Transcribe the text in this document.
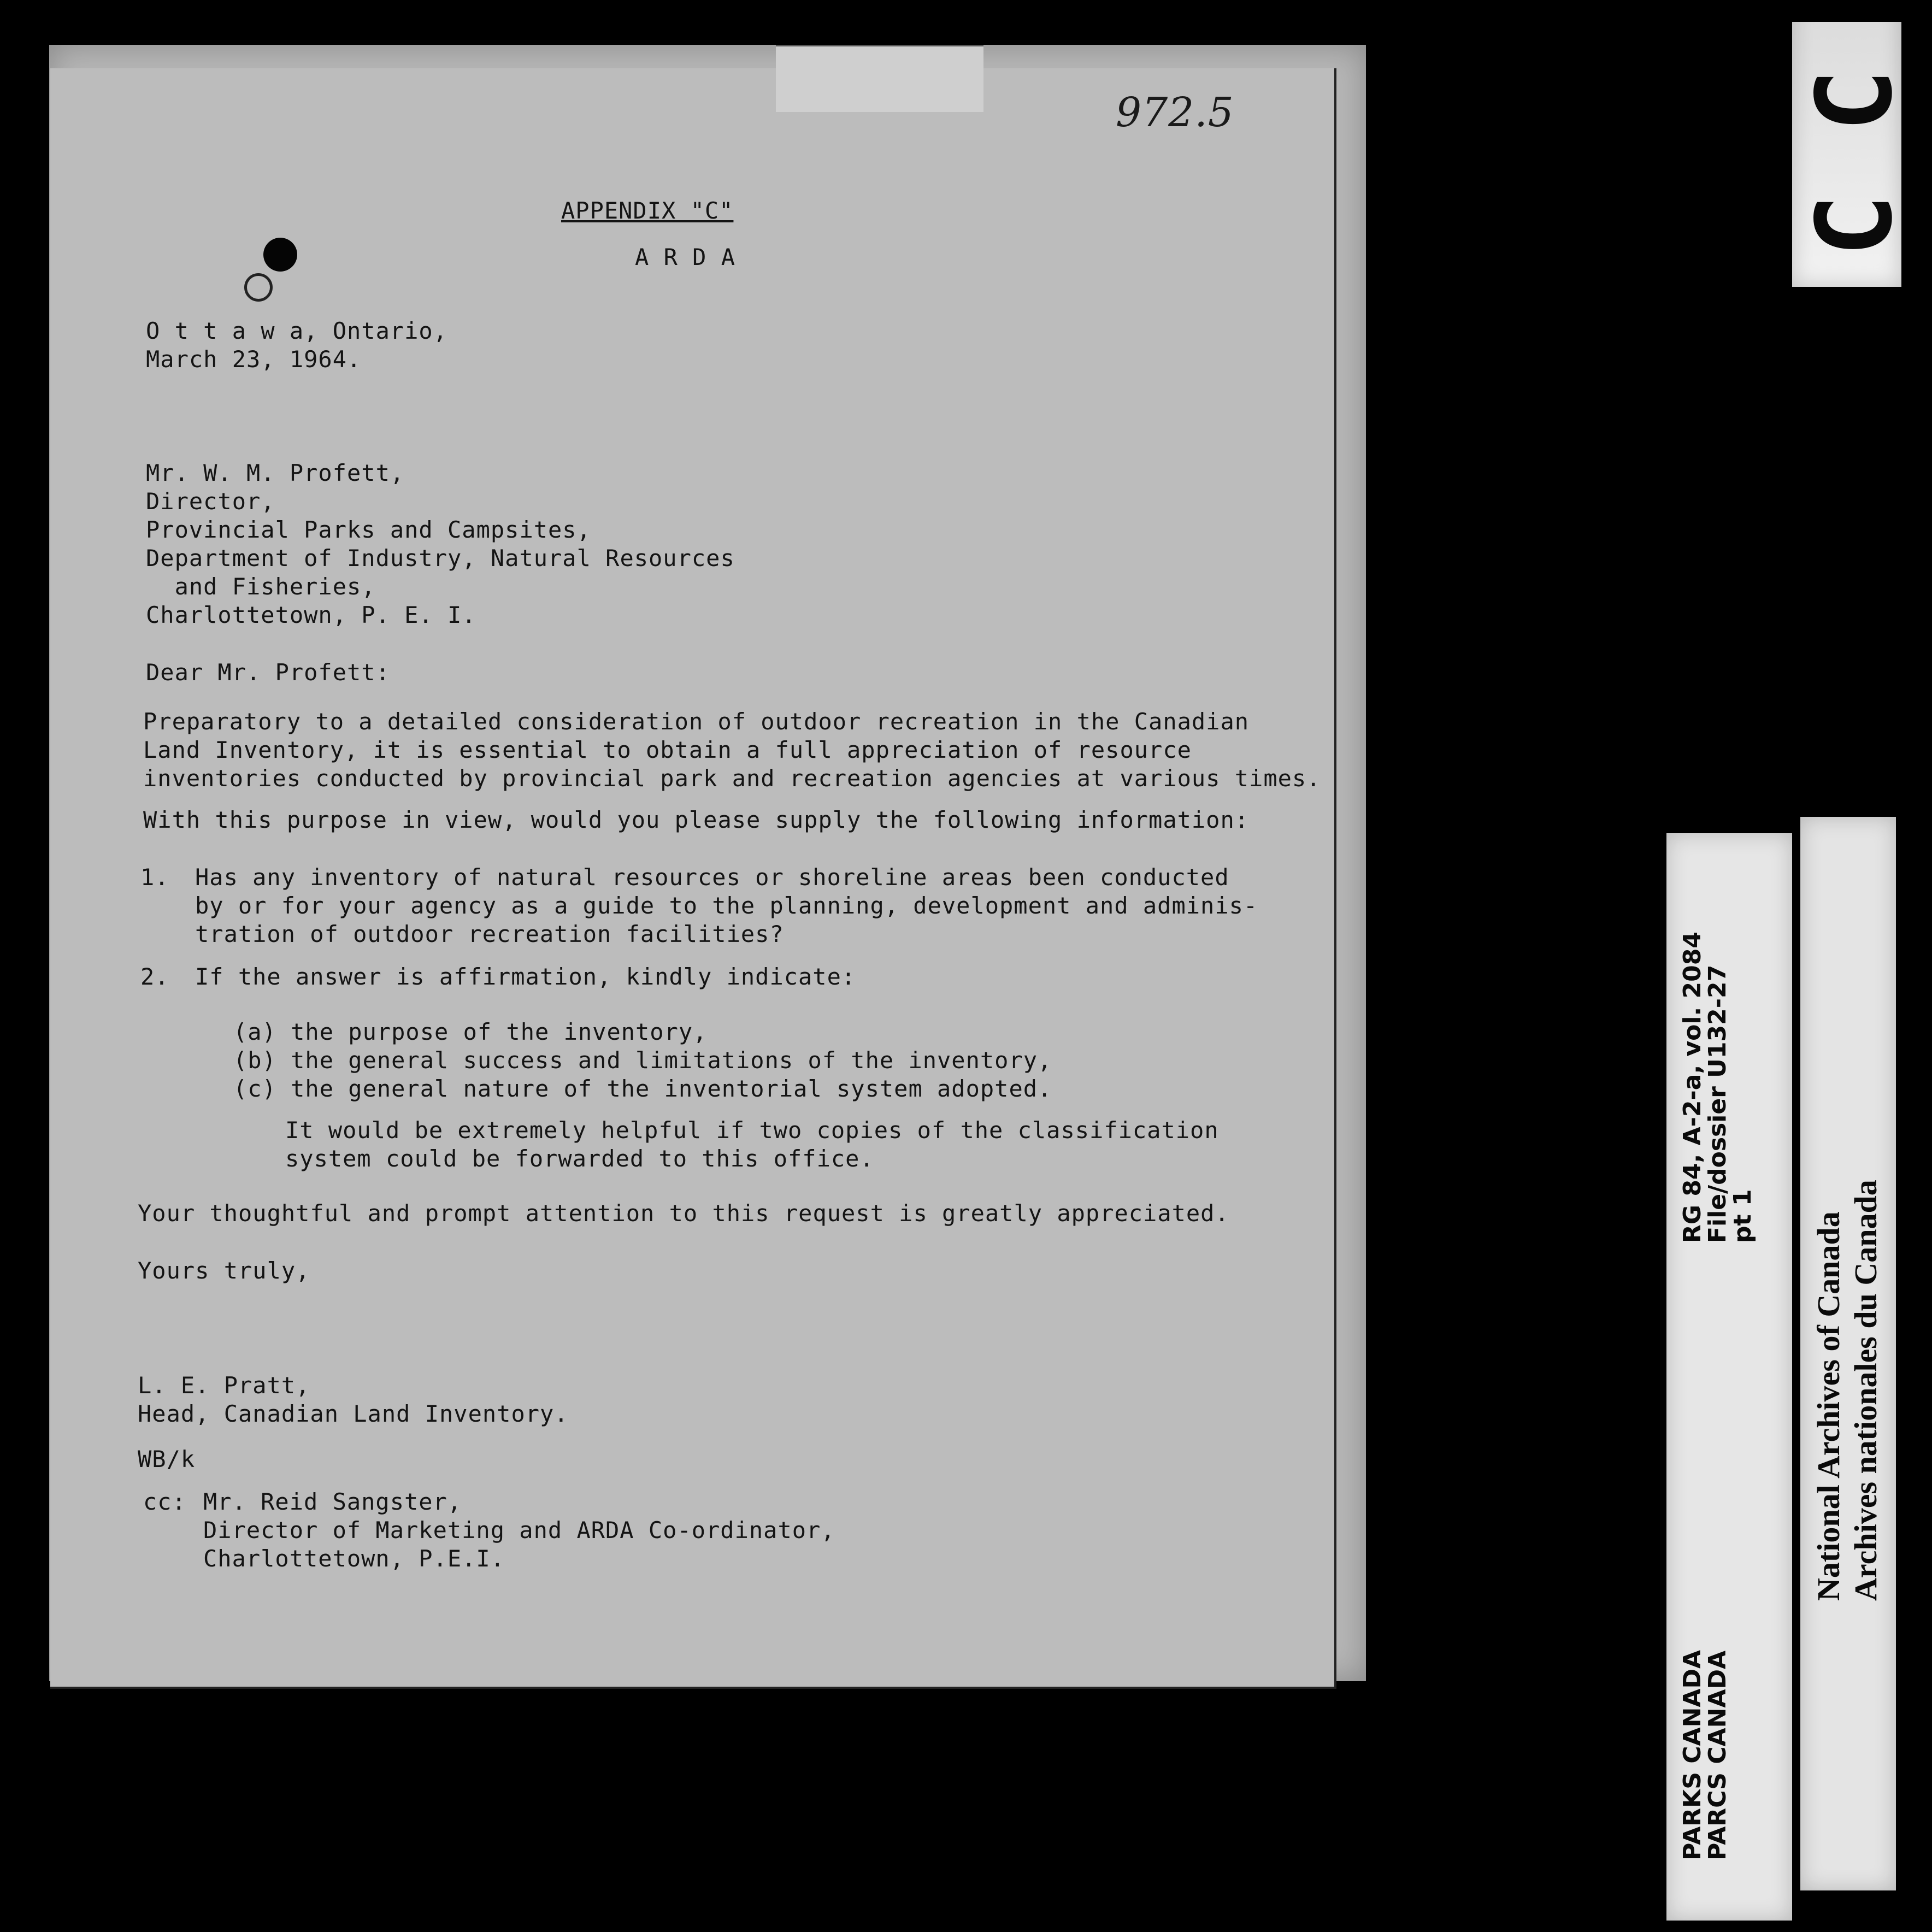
972.5
APPENDIX "C"
A R D A
O t t a w a, Ontario,
March 23, 1964.
Mr. W. M. Profett,
Director,
Provincial Parks and Campsites,
Department of Industry, Natural Resources
and Fisheries,
Charlottetown, P. E. I.
Dear Mr. Profett:
Preparatory to a detailed consideration of outdoor recreation in the Canadian
Land Inventory, it is essential to obtain a full appreciation of resource
inventories conducted by provincial park and recreation agencies at various times.
With this purpose in view, would you please supply the following information:
1. Has any inventory of natural resources or shoreline areas been conducted
by or for your agency as a guide to the planning, development and adminis-
tration of outdoor recreation facilities?
2. If the answer is affirmation, kindly indicate:
(a) the purpose of the inventory,
(b) the general success and limitations of the inventory,
(c) the general nature of the inventorial system adopted.
It would be extremely helpful if two copies of the classification
system could be forwarded to this office.
Your thoughtful and prompt attention to this request is greatly appreciated.
Yours truly,
L. E. Pratt,
Head, Canadian Land Inventory.
WB/k
cc: Mr. Reid Sangster,
Director of Marketing and ARDA Co-ordinator,
Charlottetown, P.E.I.
C C
RG 84, A-2-a, vol. 2084
File/dossier U132-27
pt 1
PARKS CANADA
PARCS CANADA
National Archives of Canada Archives nationales du Canada
